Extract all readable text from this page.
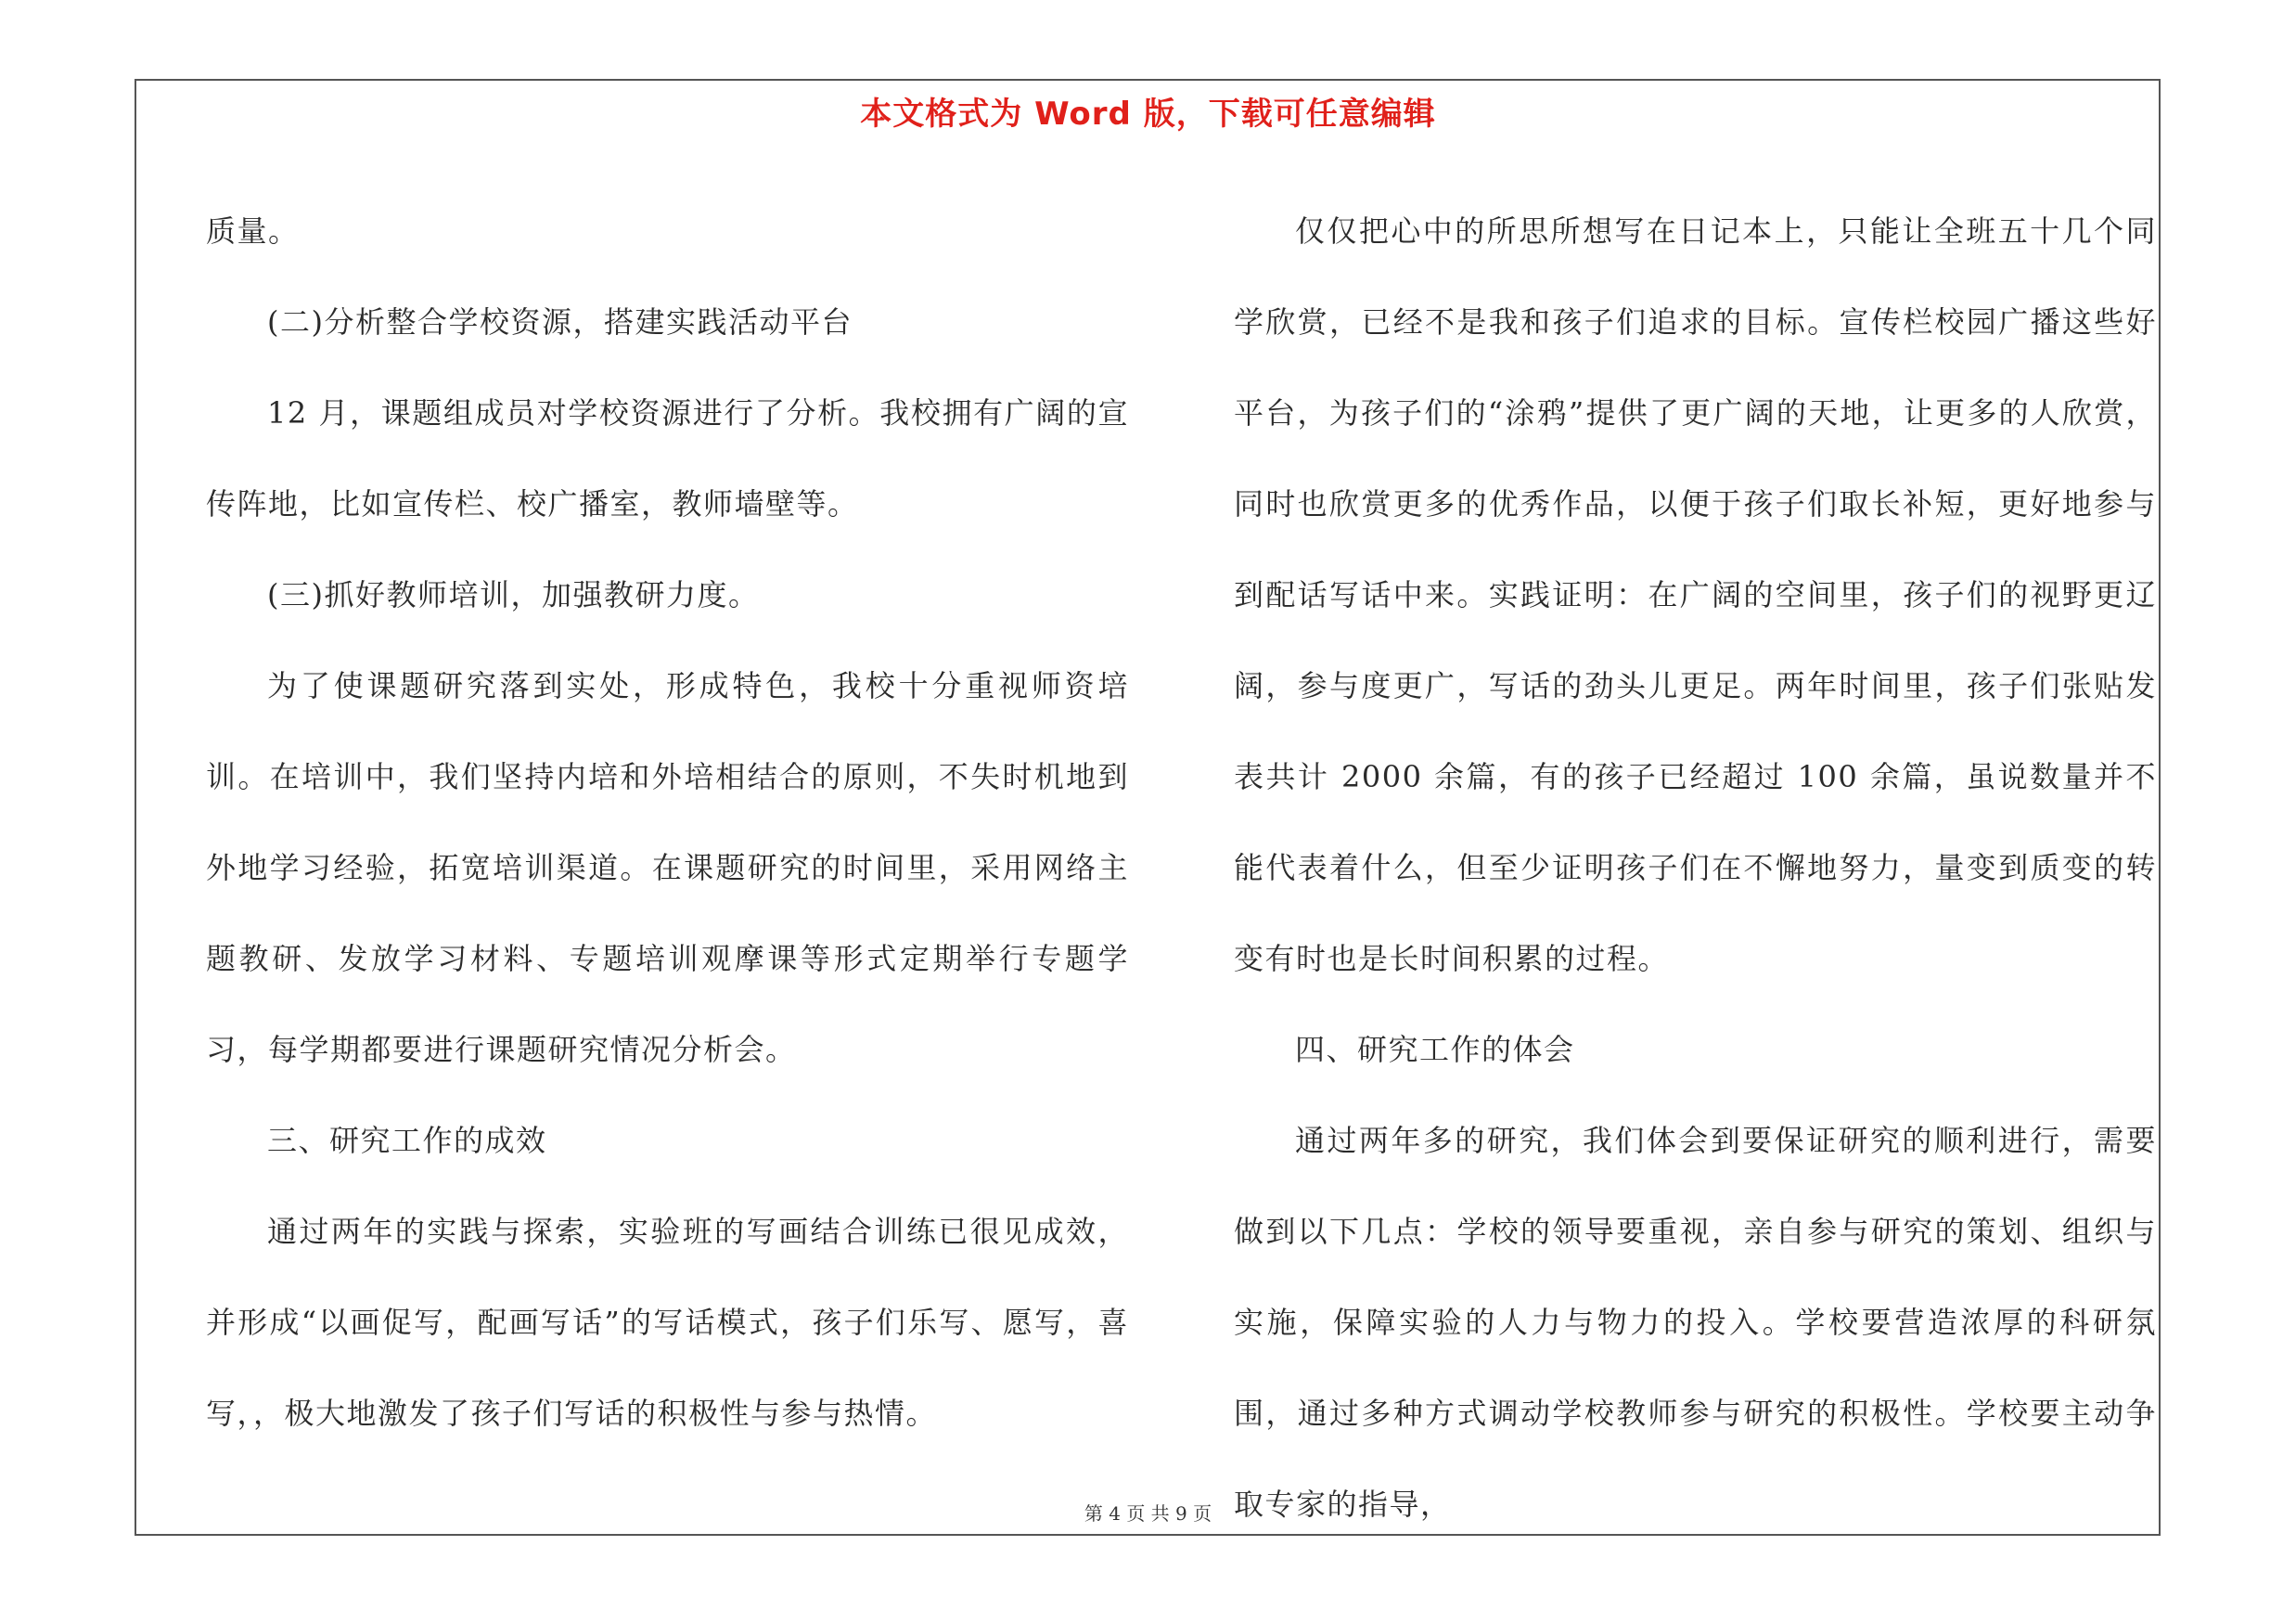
本文格式为 Word 版，下载可任意编辑

质量。

(二)分析整合学校资源，搭建实践活动平台

12 月，课题组成员对学校资源进行了分析。我校拥有广阔的宣传阵地，比如宣传栏、校广播室，教师墙壁等。

(三)抓好教师培训，加强教研力度。

为了使课题研究落到实处，形成特色，我校十分重视师资培训。在培训中，我们坚持内培和外培相结合的原则，不失时机地到外地学习经验，拓宽培训渠道。在课题研究的时间里，采用网络主题教研、发放学习材料、专题培训观摩课等形式定期举行专题学习，每学期都要进行课题研究情况分析会。

三、研究工作的成效

通过两年的实践与探索，实验班的写画结合训练已很见成效，并形成“以画促写，配画写话”的写话模式，孩子们乐写、愿写，喜写，，极大地激发了孩子们写话的积极性与参与热情。

仅仅把心中的所思所想写在日记本上，只能让全班五十几个同学欣赏，已经不是我和孩子们追求的目标。宣传栏校园广播这些好平台，为孩子们的“涂鸦”提供了更广阔的天地，让更多的人欣赏，同时也欣赏更多的优秀作品，以便于孩子们取长补短，更好地参与到配话写话中来。实践证明：在广阔的空间里，孩子们的视野更辽阔，参与度更广，写话的劲头儿更足。两年时间里，孩子们张贴发表共计 2000 余篇，有的孩子已经超过 100 余篇，虽说数量并不能代表着什么，但至少证明孩子们在不懈地努力，量变到质变的转变有时也是长时间积累的过程。

四、研究工作的体会

通过两年多的研究，我们体会到要保证研究的顺利进行，需要做到以下几点：学校的领导要重视，亲自参与研究的策划、组织与实施，保障实验的人力与物力的投入。学校要营造浓厚的科研氛围，通过多种方式调动学校教师参与研究的积极性。学校要主动争取专家的指导，

第 4 页 共 9 页
